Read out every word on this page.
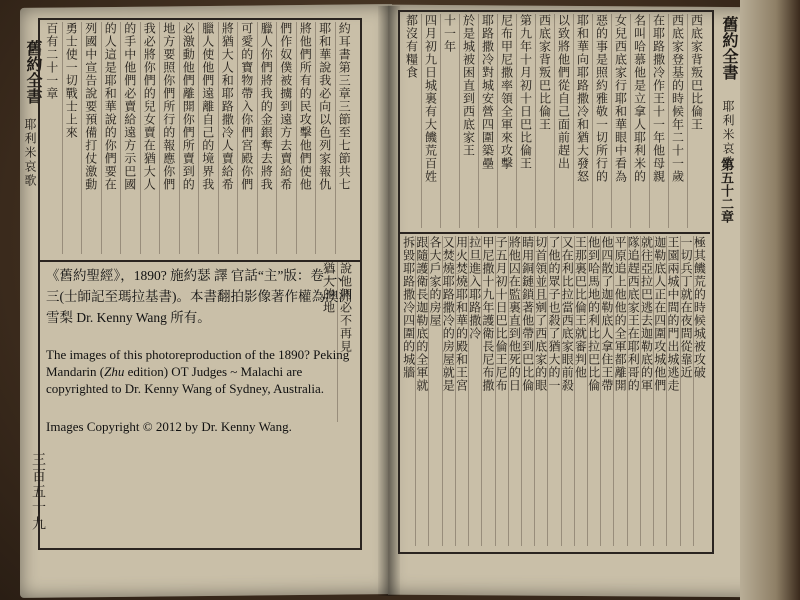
舊約全書
耶利米哀歌	約耳書第三章三節至七節共七
耶和華說我必向以色列家報仇
將他們所有的民攻擊他們使他
們作奴僕被擄到遠方去賣給希
臘人你們將我的金銀奪去將我
可愛的寶物帶入你們宮殿你們
將猶大人和耶路撒冷人賣給希
臘人使他們遠離自己的境界我
必激動他們離開你們所賣到的
地方要照你們所行的報應你們
我必將你們的兒女賣在猶大人
的手中他們必賣給遠方示巴國
的人這是耶和華說的你們要在
列國中宣告說要預備打仗激動
勇士使一切戰士上來
百有二十一章
說他們必不再見
猶大的地
三百五十九
《舊約聖經》，1890? 施約瑟 譯 官話“主”版：卷二、三(士師記至瑪拉基書)。本書翻拍影像著作權為澳洲雪梨 Dr. Kenny Wang 所有。
The images of this photoreproduction of the 1890? Peking Mandarin (Zhu edition) OT Judges ~ Malachi are copyrighted to Dr. Kenny Wang of Sydney, Australia.
Images Copyright © 2012 by Dr. Kenny Wang.
舊約全書
耶利米哀歌
第五十二章
西底家背叛巴比倫王
西底家登基的時候年二十一歲
在耶路撒冷作王十一年他母親
名叫哈慕他是立拿人耶利米的
女兒西底家行耶和華眼中看為
惡的事是照約雅敬一切所行的
耶和華向耶路撒冷和猶大發怒
以致將他們從自己面前趕出
西底家背叛巴比倫王
第九年十月初十日巴比倫王
尼布甲尼撒率領全軍來攻擊
耶路撒冷對城安營四圍築壘
於是城被困直到西底家王
十一年
四月初九日城裏有大饑荒百姓
都沒有糧食
極其饑荒的時候城被攻破
一切兵丁就在夜間從靠近
王園兩城中間的門出城逃走
迦勒底人正在四圍攻城他們
就往亞拉巴逃去迦勒底的軍
隊追趕西底家王在耶利哥的
平原追上他他的全軍都離開
他四散了迦勒底人拿住王帶
他到哈馬地的利比拉巴比倫
王那裏巴比倫王就審判他
又在利比拉當西底家眼前殺
了他的眾子也殺了猶大的一
切首領並且剜了西底家的眼
睛用銅鏈鎖著他帶到巴比倫
將他囚在監裏直到他死的日
子五月初十日巴比倫王尼布
甲尼撒十九年護衛長尼布撒
拉旦進入耶路撒冷
用火焚燒耶和華的殿和王宮
又焚燒耶路撒冷的房屋就是
各大戶家的房屋
跟隨護衛長迦勒底的全軍就
拆毀耶路撒冷四圍的城牆
